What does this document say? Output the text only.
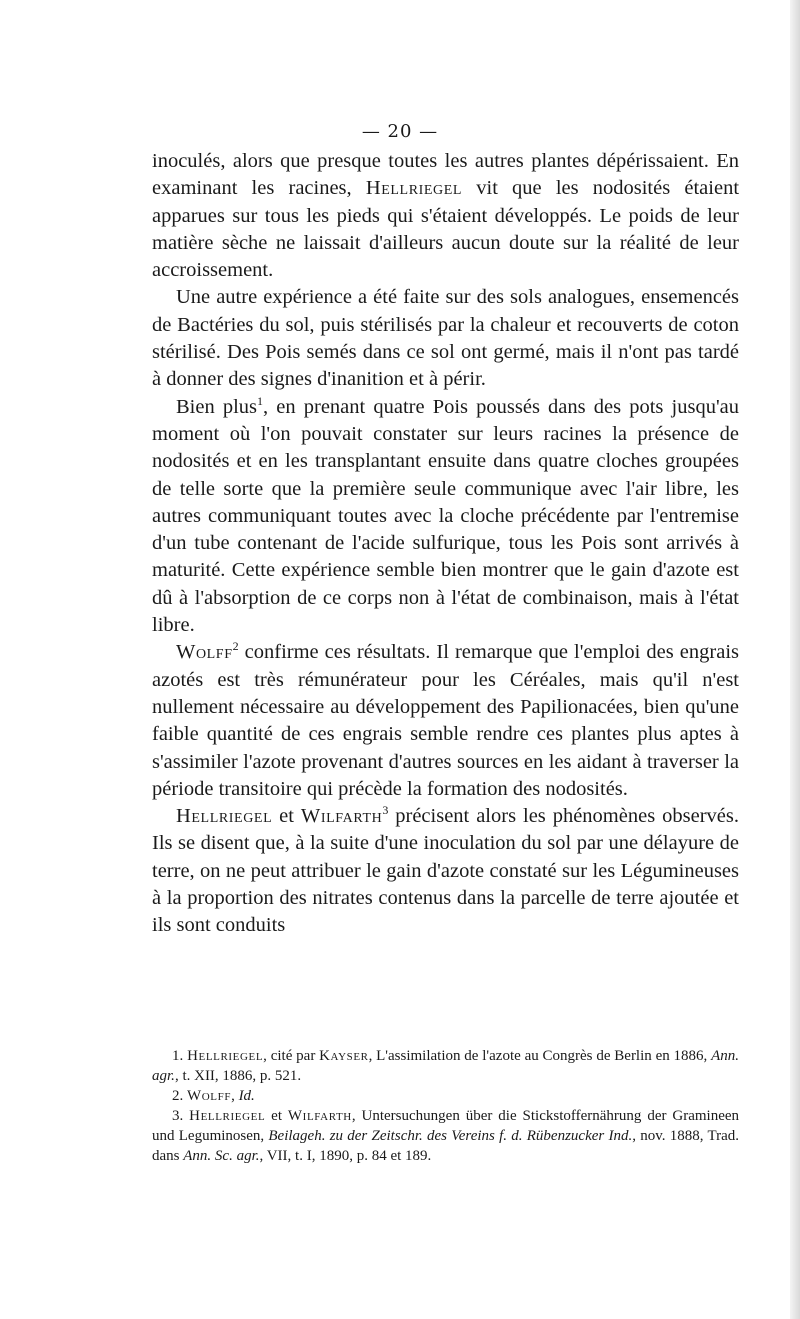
— 20 —

inoculés, alors que presque toutes les autres plantes dépérissaient. En examinant les racines, Hellriegel vit que les nodosités étaient apparues sur tous les pieds qui s'étaient développés. Le poids de leur matière sèche ne laissait d'ailleurs aucun doute sur la réalité de leur accroissement.

Une autre expérience a été faite sur des sols analogues, ensemencés de Bactéries du sol, puis stérilisés par la chaleur et recouverts de coton stérilisé. Des Pois semés dans ce sol ont germé, mais il n'ont pas tardé à donner des signes d'inanition et à périr.

Bien plus$^1$, en prenant quatre Pois poussés dans des pots jusqu'au moment où l'on pouvait constater sur leurs racines la présence de nodosités et en les transplantant ensuite dans quatre cloches groupées de telle sorte que la première seule communique avec l'air libre, les autres communiquant toutes avec la cloche précédente par l'entremise d'un tube contenant de l'acide sulfurique, tous les Pois sont arrivés à maturité. Cette expérience semble bien montrer que le gain d'azote est dû à l'absorption de ce corps non à l'état de combinaison, mais à l'état libre.

Wolff$^2$ confirme ces résultats. Il remarque que l'emploi des engrais azotés est très rémunérateur pour les Céréales, mais qu'il n'est nullement nécessaire au développement des Papilionacées, bien qu'une faible quantité de ces engrais semble rendre ces plantes plus aptes à s'assimiler l'azote provenant d'autres sources en les aidant à traverser la période transitoire qui précède la formation des nodosités.

Hellriegel et Wilfarth$^3$ précisent alors les phénomènes observés. Ils se disent que, à la suite d'une inoculation du sol par une délayure de terre, on ne peut attribuer le gain d'azote constaté sur les Légumineuses à la proportion des nitrates contenus dans la parcelle de terre ajoutée et ils sont conduits

1. Hellriegel, cité par Kayser, L'assimilation de l'azote au Congrès de Berlin en 1886, Ann. agr., t. XII, 1886, p. 521.

2. Wolff, Id.

3. Hellriegel et Wilfarth, Untersuchungen über die Stickstoffernährung der Gramineen und Leguminosen, Beilageh. zu der Zeitschr. des Vereins f. d. Rübenzucker Ind., nov. 1888, Trad. dans Ann. Sc. agr., VII, t. I, 1890, p. 84 et 189.
